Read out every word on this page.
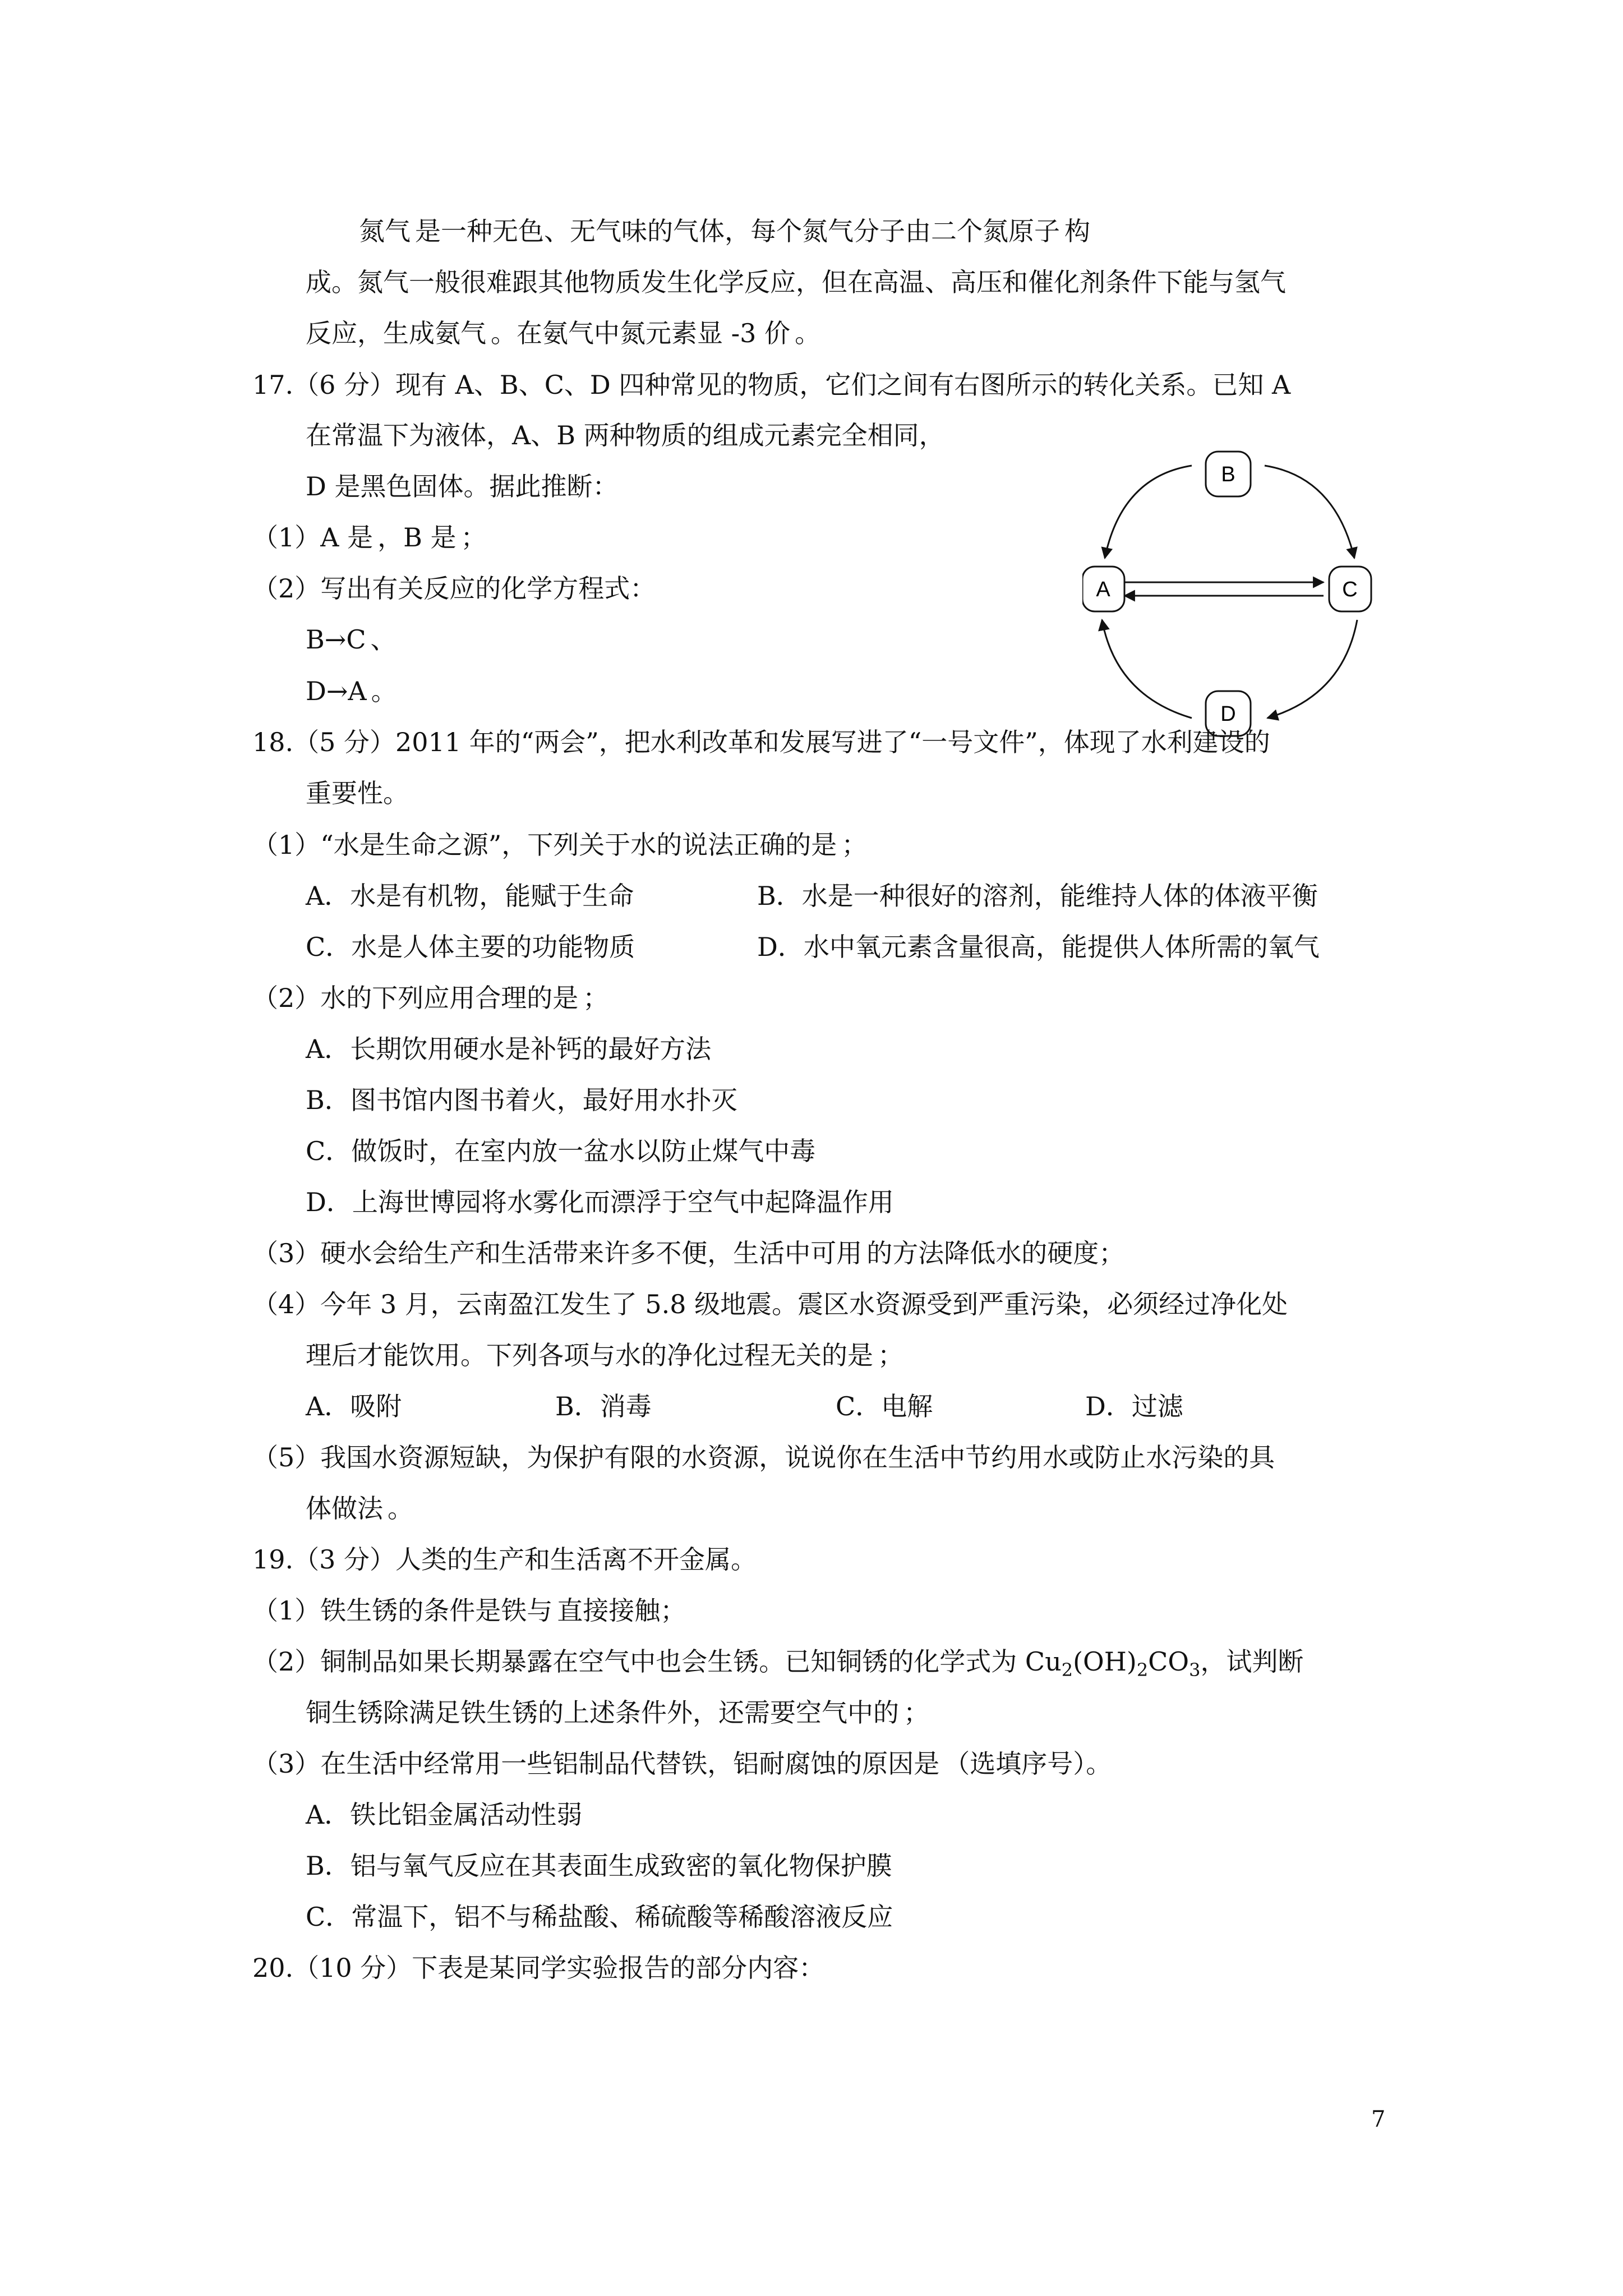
氮气 是一种无色、无气味的气体，每个氮气分子由二个氮原子 构
成。氮气一般很难跟其他物质发生化学反应，但在高温、高压和催化剂条件下能与氢气
反应，生成氨气 。在氨气中氮元素显 -3 价 。
17.（6 分）现有 A、B、C、D 四种常见的物质，它们之间有右图所示的转化关系。已知 A
在常温下为液体，A、B 两种物质的组成元素完全相同，
D 是黑色固体。据此推断：
（1）A 是 ，B 是 ；
（2）写出有关反应的化学方程式：
B→C 、
D→A 。
B
A	C
D
18.（5 分）2011 年的“两会”，把水利改革和发展写进了“一号文件”，体现了水利建设的
重要性。
（1）“水是生命之源”，下列关于水的说法正确的是 ；
A．水是有机物，能赋于生命	B．水是一种很好的溶剂，能维持人体的体液平衡
C．水是人体主要的功能物质	D．水中氧元素含量很高，能提供人体所需的氧气
（2）水的下列应用合理的是 ；
A．长期饮用硬水是补钙的最好方法
B．图书馆内图书着火，最好用水扑灭
C．做饭时，在室内放一盆水以防止煤气中毒
D．上海世博园将水雾化而漂浮于空气中起降温作用
（3）硬水会给生产和生活带来许多不便，生活中可用 的方法降低水的硬度；
（4）今年 3 月，云南盈江发生了 5.8 级地震。震区水资源受到严重污染，必须经过净化处
理后才能饮用。下列各项与水的净化过程无关的是 ；
A．吸附	B．消毒	C．电解	D．过滤
（5）我国水资源短缺，为保护有限的水资源，说说你在生活中节约用水或防止水污染的具
体做法 。
19.（3 分）人类的生产和生活离不开金属。
（1）铁生锈的条件是铁与 直接接触；
（2）铜制品如果长期暴露在空气中也会生锈。已知铜锈的化学式为 $Cu_2(OH)_2CO_3$，试判断
铜生锈除满足铁生锈的上述条件外，还需要空气中的 ；
（3）在生活中经常用一些铝制品代替铁，铝耐腐蚀的原因是 （选填序号）。
A．铁比铝金属活动性弱
B．铝与氧气反应在其表面生成致密的氧化物保护膜
C．常温下，铝不与稀盐酸、稀硫酸等稀酸溶液反应
20.（10 分）下表是某同学实验报告的部分内容：
7
